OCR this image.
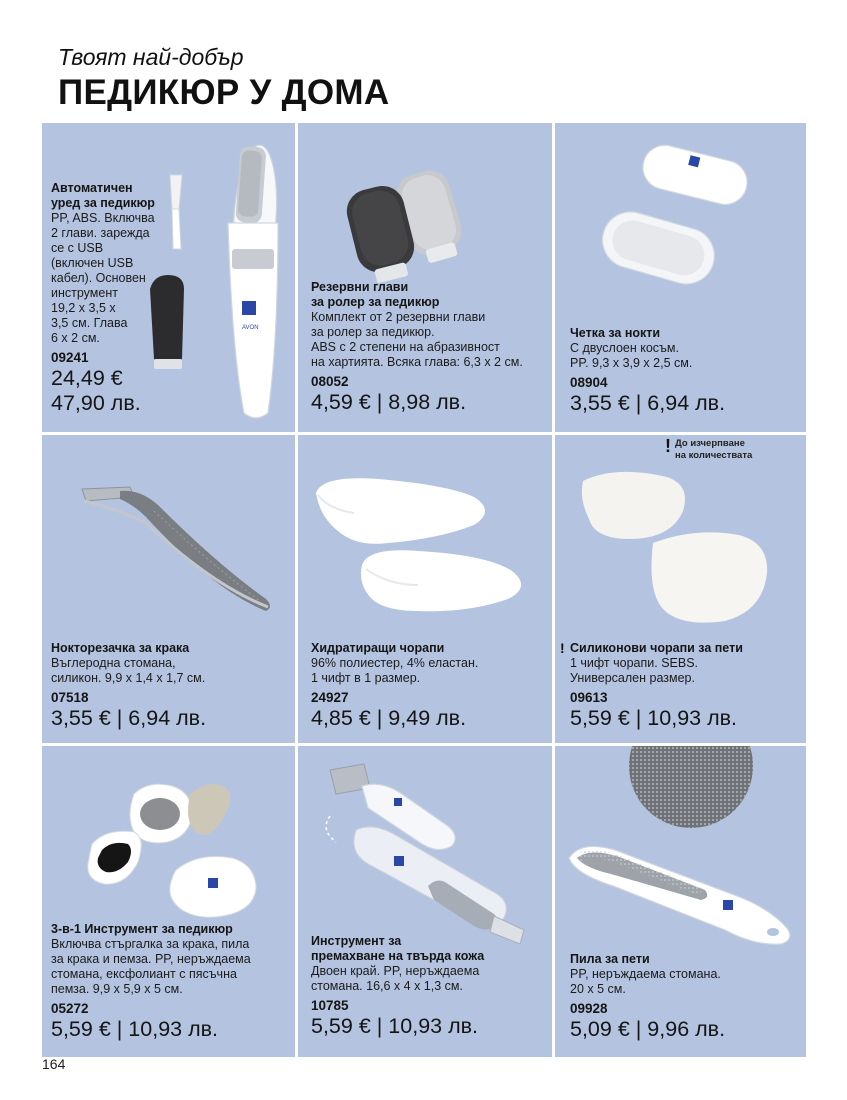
Твоят най-добър
ПЕДИКЮР У ДОМА
AVON
Автоматичен
уред за педикюр
PP, ABS. Включва
2 глави. зарежда
се с USB
(включен USB
кабел). Основен
инструмент
19,2 x 3,5 x
3,5 см. Глава
6 x 2 см.
09241
24,49 €
47,90 лв.
Резервни глави
за ролер за педикюр
Комплект от 2 резервни глави
за ролер за педикюр.
ABS с 2 степени на абразивност
на хартията. Всяка глава: 6,3 x 2 см.
08052
4,59 € | 8,98 лв.
Четка за нокти
С двуслоен косъм.
PP. 9,3 x 3,9 x 2,5 см.
08904
3,55 € | 6,94 лв.
Нокторезачка за крака
Въглеродна стомана,
силикон. 9,9 x 1,4 x 1,7 см.
07518
3,55 € | 6,94 лв.
Хидратиращи чорапи
96% полиестер, 4% еластан.
1 чифт в 1 размер.
24927
4,85 € | 9,49 лв.
! До изчерпване
на количествата
! Силиконови чорапи за пети
1 чифт чорапи. SEBS.
Универсален размер.
09613
5,59 € | 10,93 лв.
3-в-1 Инструмент за педикюр
Включва стъргалка за крака, пила
за крака и пемза. PP, неръждаема
стомана, ексфолиант с пясъчна
пемза. 9,9 x 5,9 x 5 см.
05272
5,59 € | 10,93 лв.
Инструмент за
премахване на твърда кожа
Двоен край. PP, неръждаема
стомана. 16,6 x 4 x 1,3 см.
10785
5,59 € | 10,93 лв.
Пила за пети
PP, неръждаема стомана.
20 x 5 см.
09928
5,09 € | 9,96 лв.
164
